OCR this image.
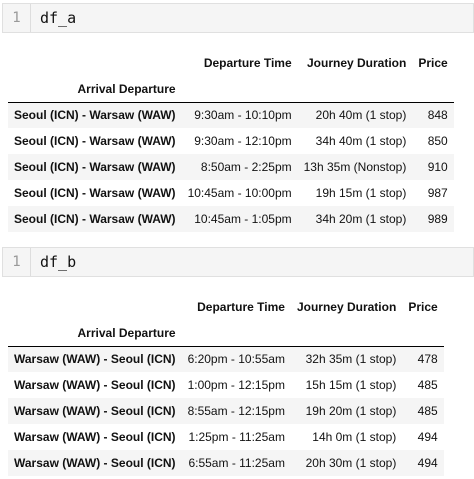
1	df_a
	Departure Time	Journey Duration	Price
Arrival Departure			
Seoul (ICN) - Warsaw (WAW)	9:30am - 10:10pm	20h 40m (1 stop)	848
Seoul (ICN) - Warsaw (WAW)	9:30am - 12:10pm	34h 40m (1 stop)	850
Seoul (ICN) - Warsaw (WAW)	8:50am - 2:25pm	13h 35m (Nonstop)	910
Seoul (ICN) - Warsaw (WAW)	10:45am - 10:00pm	19h 15m (1 stop)	987
Seoul (ICN) - Warsaw (WAW)	10:45am - 1:05pm	34h 20m (1 stop)	989
1	df_b
	Departure Time	Journey Duration	Price
Arrival Departure			
Warsaw (WAW) - Seoul (ICN)	6:20pm - 10:55am	32h 35m (1 stop)	478
Warsaw (WAW) - Seoul (ICN)	1:00pm - 12:15pm	15h 15m (1 stop)	485
Warsaw (WAW) - Seoul (ICN)	8:55am - 12:15pm	19h 20m (1 stop)	485
Warsaw (WAW) - Seoul (ICN)	1:25pm - 11:25am	14h 0m (1 stop)	494
Warsaw (WAW) - Seoul (ICN)	6:55am - 11:25am	20h 30m (1 stop)	494
